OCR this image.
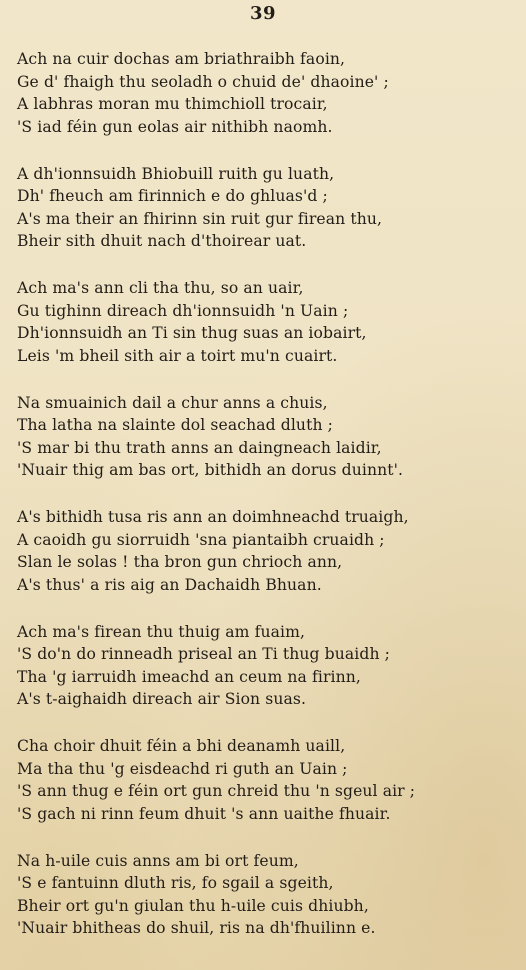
39
Ach na cuir dochas am briathraibh faoin,
Ge d' fhaigh thu seoladh o chuid de' dhaoine' ;
A labhras moran mu thimchioll trocair,
'S iad féin gun eolas air nithibh naomh.
A dh'ionnsuidh Bhiobuill ruith gu luath,
Dh' fheuch am firinnich e do ghluas'd ;
A's ma their an fhirinn sin ruit gur firean thu,
Bheir sith dhuit nach d'thoirear uat.
Ach ma's ann cli tha thu, so an uair,
Gu tighinn direach dh'ionnsuidh 'n Uain ;
Dh'ionnsuidh an Ti sin thug suas an iobairt,
Leis 'm bheil sith air a toirt mu'n cuairt.
Na smuainich dail a chur anns a chuis,
Tha latha na slainte dol seachad dluth ;
'S mar bi thu trath anns an daingneach laidir,
'Nuair thig am bas ort, bithidh an dorus duinnt'.
A's bithidh tusa ris ann an doimhneachd truaigh,
A caoidh gu siorruidh 'sna piantaibh cruaidh ;
Slan le solas ! tha bron gun chrioch ann,
A's thus' a ris aig an Dachaidh Bhuan.
Ach ma's firean thu thuig am fuaim,
'S do'n do rinneadh priseal an Ti thug buaidh ;
Tha 'g iarruidh imeachd an ceum na firinn,
A's t-aighaidh direach air Sion suas.
Cha choir dhuit féin a bhi deanamh uaill,
Ma tha thu 'g eisdeachd ri guth an Uain ;
'S ann thug e féin ort gun chreid thu 'n sgeul air ;
'S gach ni rinn feum dhuit 's ann uaithe fhuair.
Na h-uile cuis anns am bi ort feum,
'S e fantuinn dluth ris, fo sgail a sgeith,
Bheir ort gu'n giulan thu h-uile cuis dhiubh,
'Nuair bhitheas do shuil, ris na dh'fhuilinn e.
